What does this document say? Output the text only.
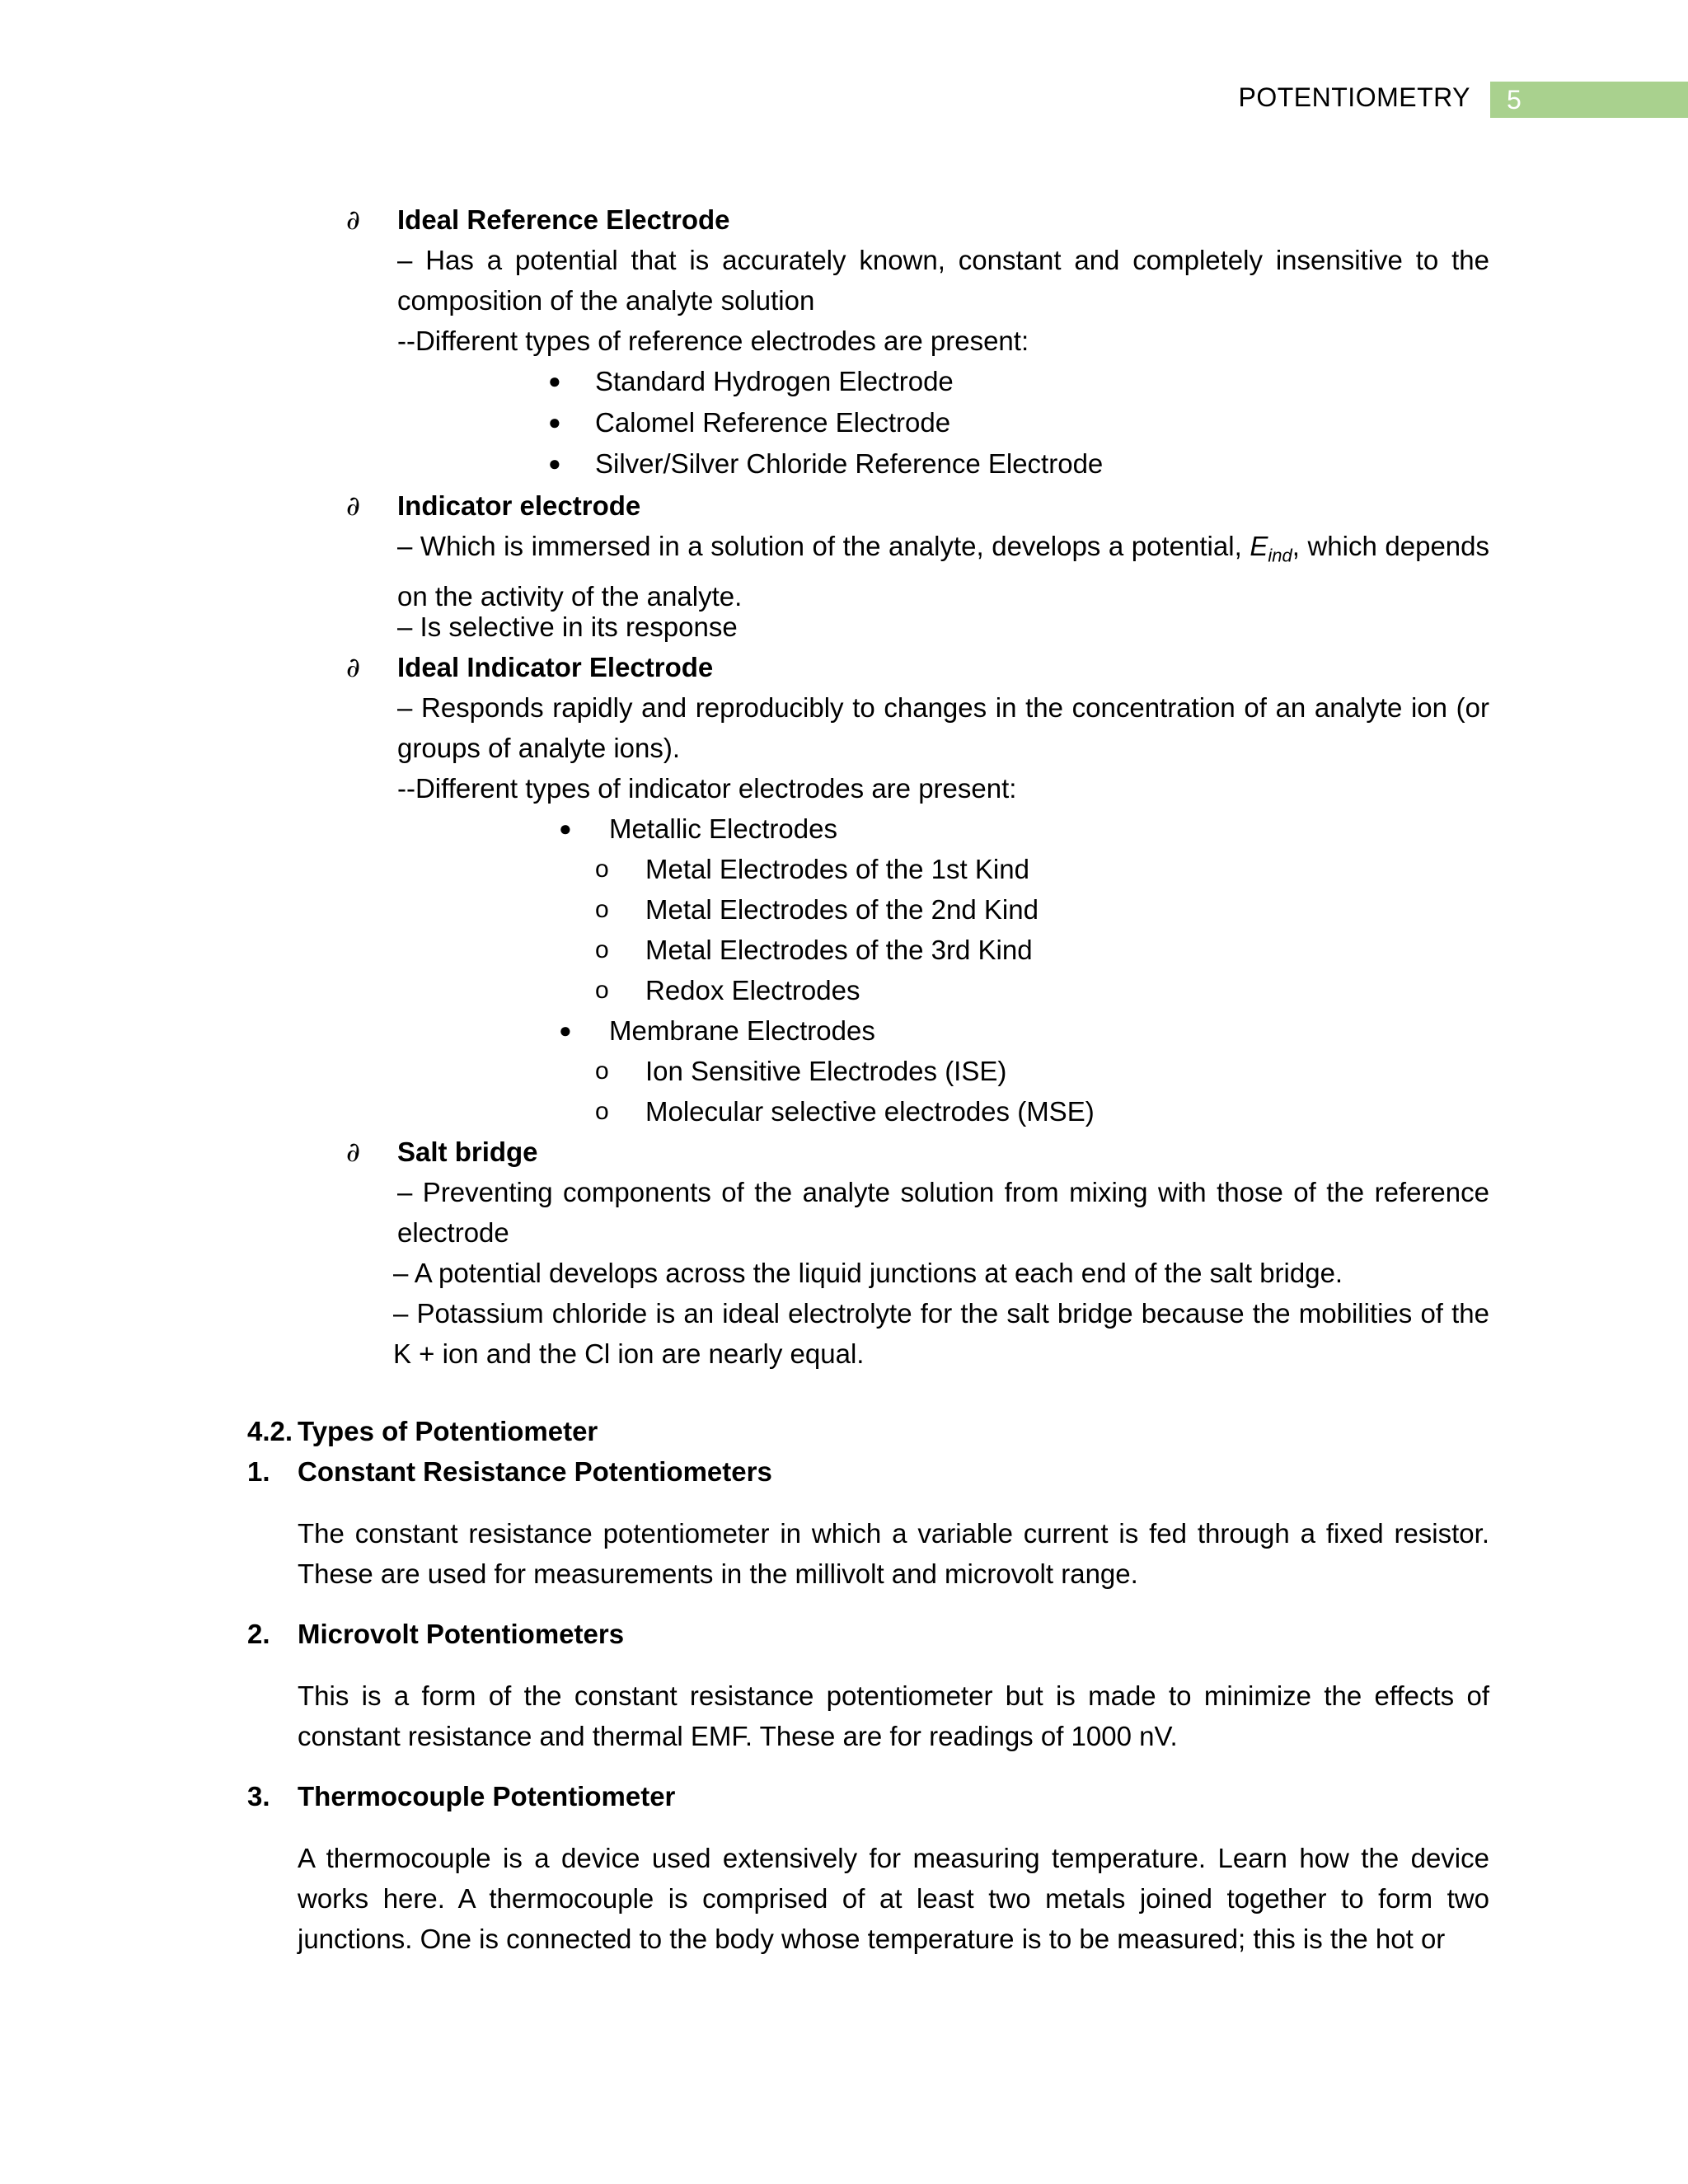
POTENTIOMETRY	5
∂	Ideal Reference Electrode
– Has a potential that is accurately known, constant and completely insensitive to the composition of the analyte solution
--Different types of reference electrodes are present:
● Standard Hydrogen Electrode
● Calomel Reference Electrode
● Silver/Silver Chloride Reference Electrode
∂	Indicator electrode
– Which is immersed in a solution of the analyte, develops a potential, $E_{ind}$, which depends on the activity of the analyte.
– Is selective in its response
∂	Ideal Indicator Electrode
– Responds rapidly and reproducibly to changes in the concentration of an analyte ion (or groups of analyte ions).
--Different types of indicator electrodes are present:
● Metallic Electrodes
o Metal Electrodes of the 1st Kind
o Metal Electrodes of the 2nd Kind
o Metal Electrodes of the 3rd Kind
o Redox Electrodes
● Membrane Electrodes
o Ion Sensitive Electrodes (ISE)
o Molecular selective electrodes (MSE)
∂	Salt bridge
– Preventing components of the analyte solution from mixing with those of the reference electrode
– A potential develops across the liquid junctions at each end of the salt bridge.
– Potassium chloride is an ideal electrolyte for the salt bridge because the mobilities of the K + ion and the Cl ion are nearly equal.
4.2. Types of Potentiometer
1. Constant Resistance Potentiometers
The constant resistance potentiometer in which a variable current is fed through a fixed resistor. These are used for measurements in the millivolt and microvolt range.
2. Microvolt Potentiometers
This is a form of the constant resistance potentiometer but is made to minimize the effects of constant resistance and thermal EMF. These are for readings of 1000 nV.
3. Thermocouple Potentiometer
A thermocouple is a device used extensively for measuring temperature. Learn how the device works here. A thermocouple is comprised of at least two metals joined together to form two junctions. One is connected to the body whose temperature is to be measured; this is the hot or
